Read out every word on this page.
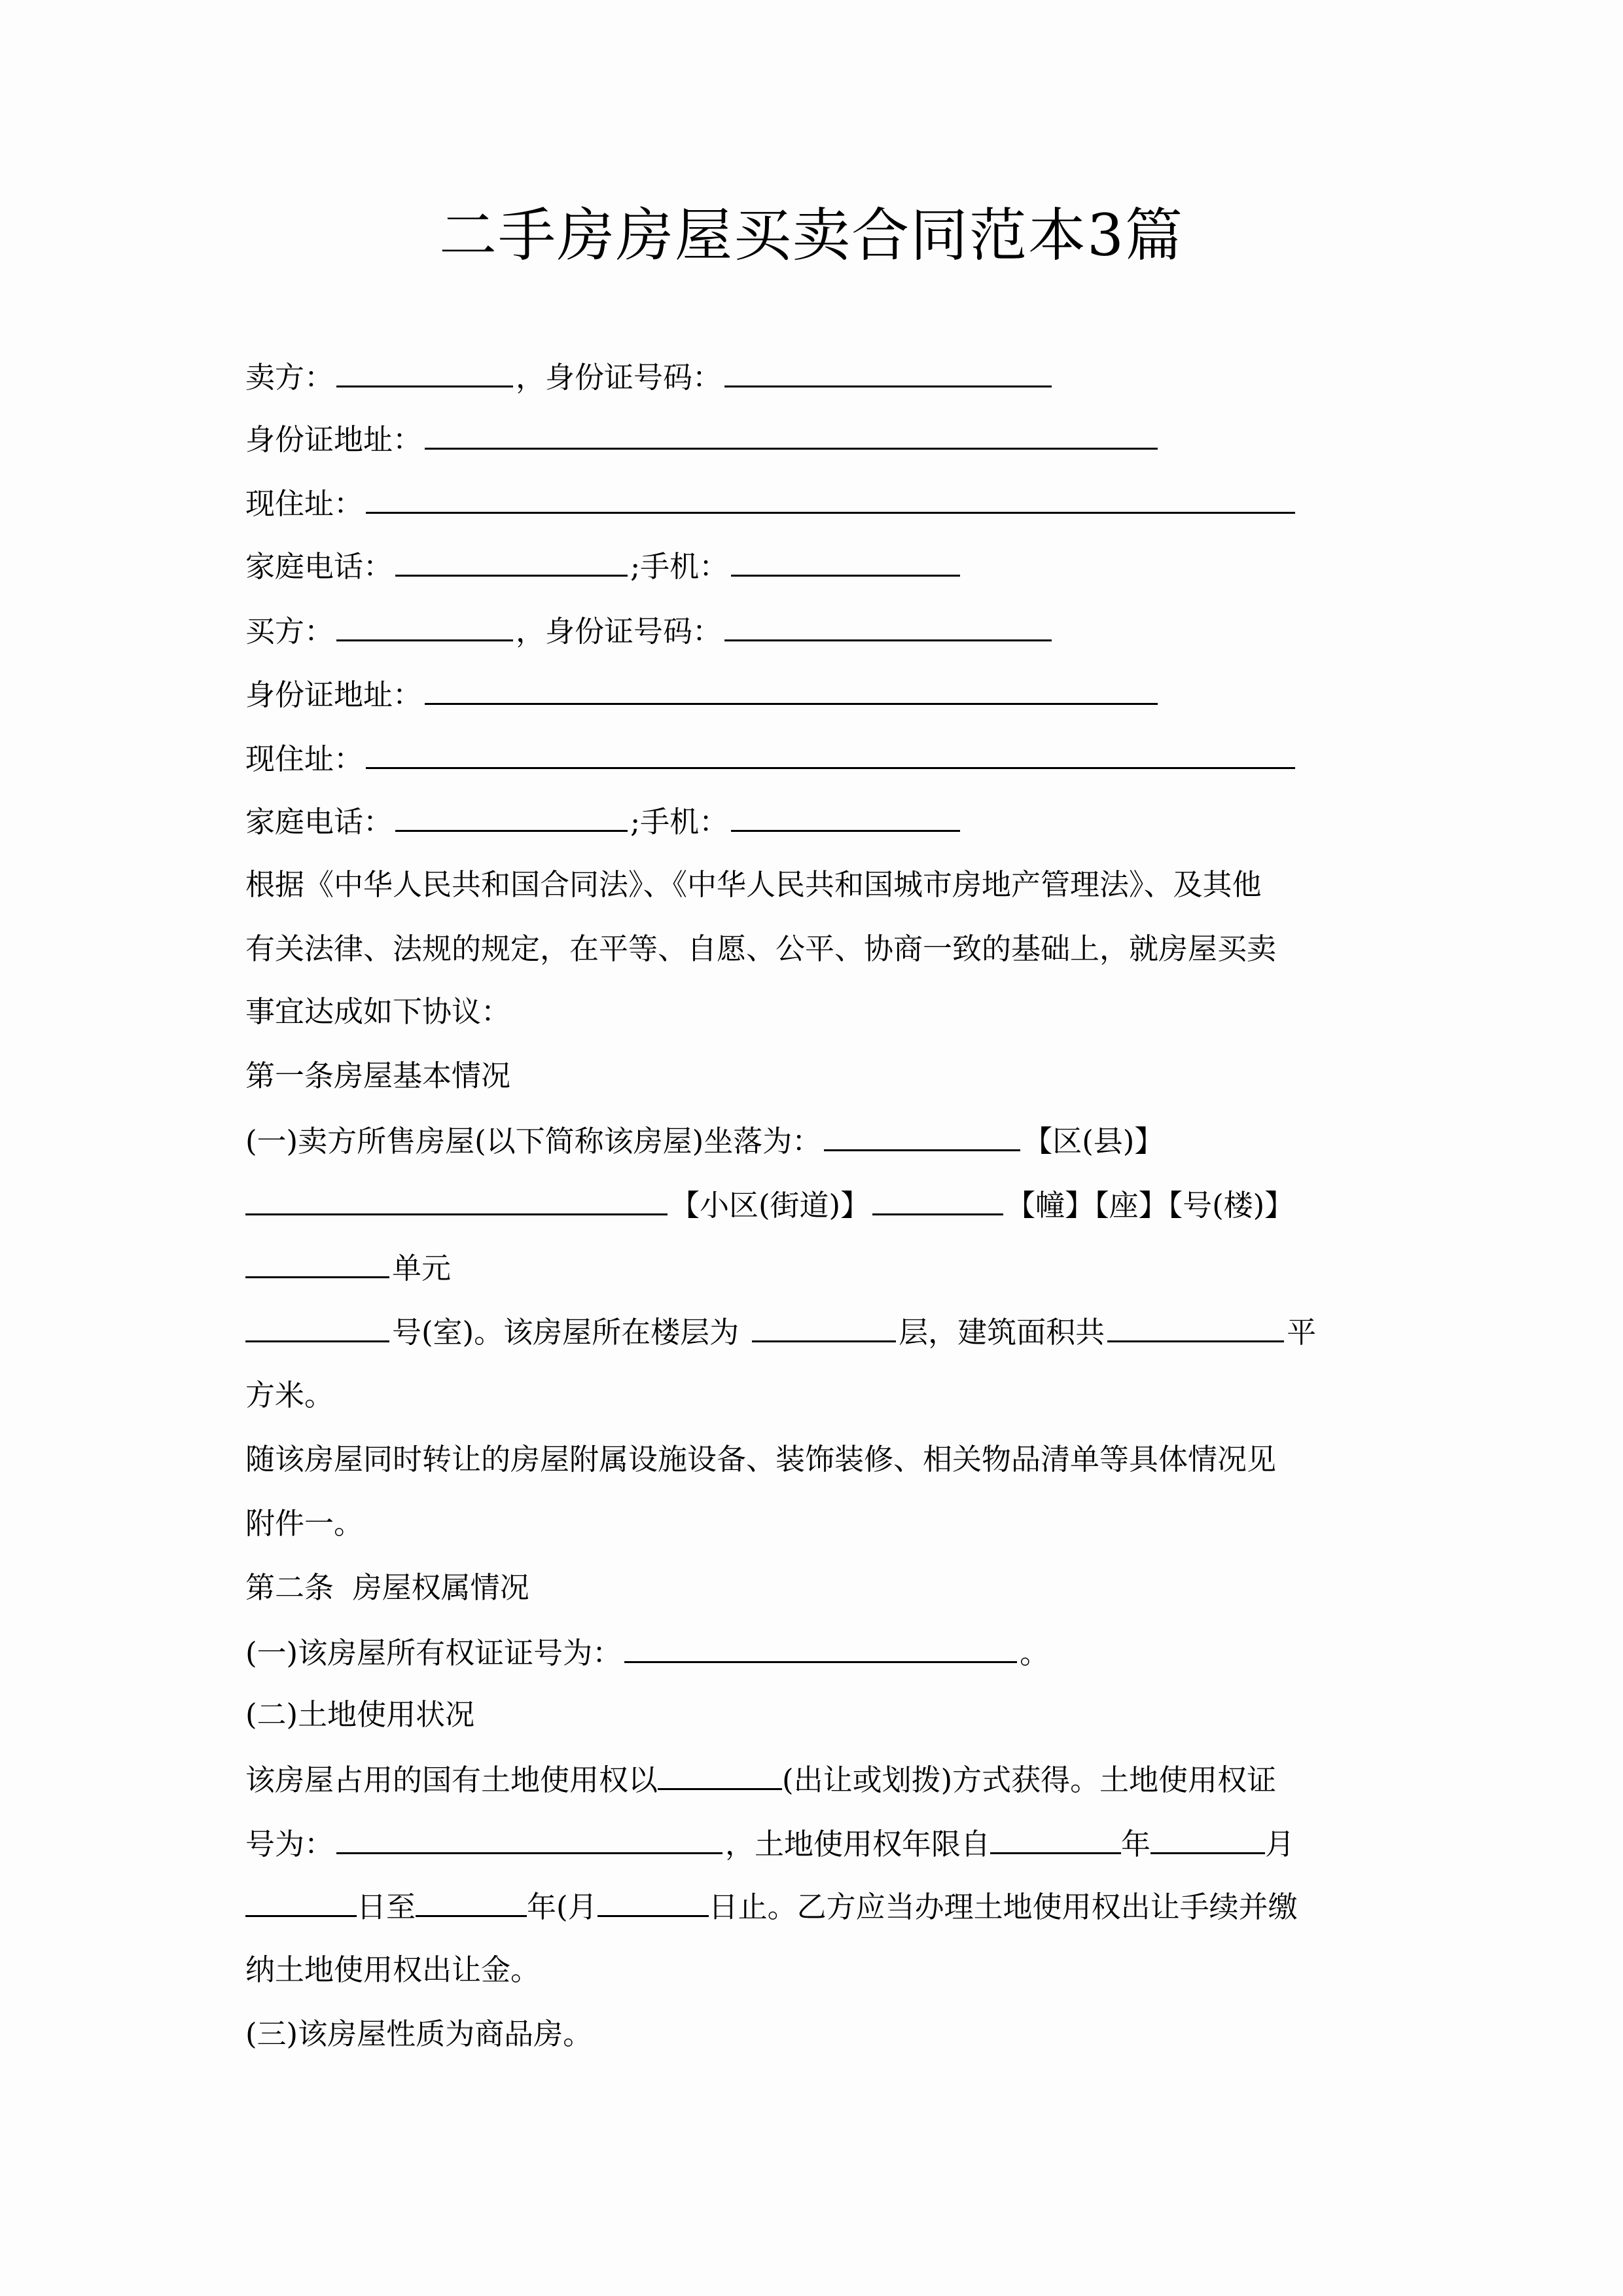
二手房房屋买卖合同范本3篇
卖方：	，身份证号码：
身份证地址：
现住址：
家庭电话：	;手机：
买方：	，身份证号码：
身份证地址：
现住址：
家庭电话：	;手机：
根据《中华人民共和国合同法》、《中华人民共和国城市房地产管理法》、及其他
有关法律、法规的规定，在平等、自愿、公平、协商一致的基础上，就房屋买卖
事宜达成如下协议：
第一条房屋基本情况
(一)卖方所售房屋(以下简称该房屋)坐落为：	【区(县)】
【小区(街道)】	【幢】【座】【号(楼)】
单元
号(室)。该房屋所在楼层为	层，建筑面积共	平
方米。
随该房屋同时转让的房屋附属设施设备、装饰装修、相关物品清单等具体情况见
附件一。
第二条  房屋权属情况
(一)该房屋所有权证证号为：	。
(二)土地使用状况
该房屋占用的国有土地使用权以	(出让或划拨)方式获得。土地使用权证
号为：	，土地使用权年限自	年	月
日至	年(月	日止。乙方应当办理土地使用权出让手续并缴
纳土地使用权出让金。
(三)该房屋性质为商品房。
